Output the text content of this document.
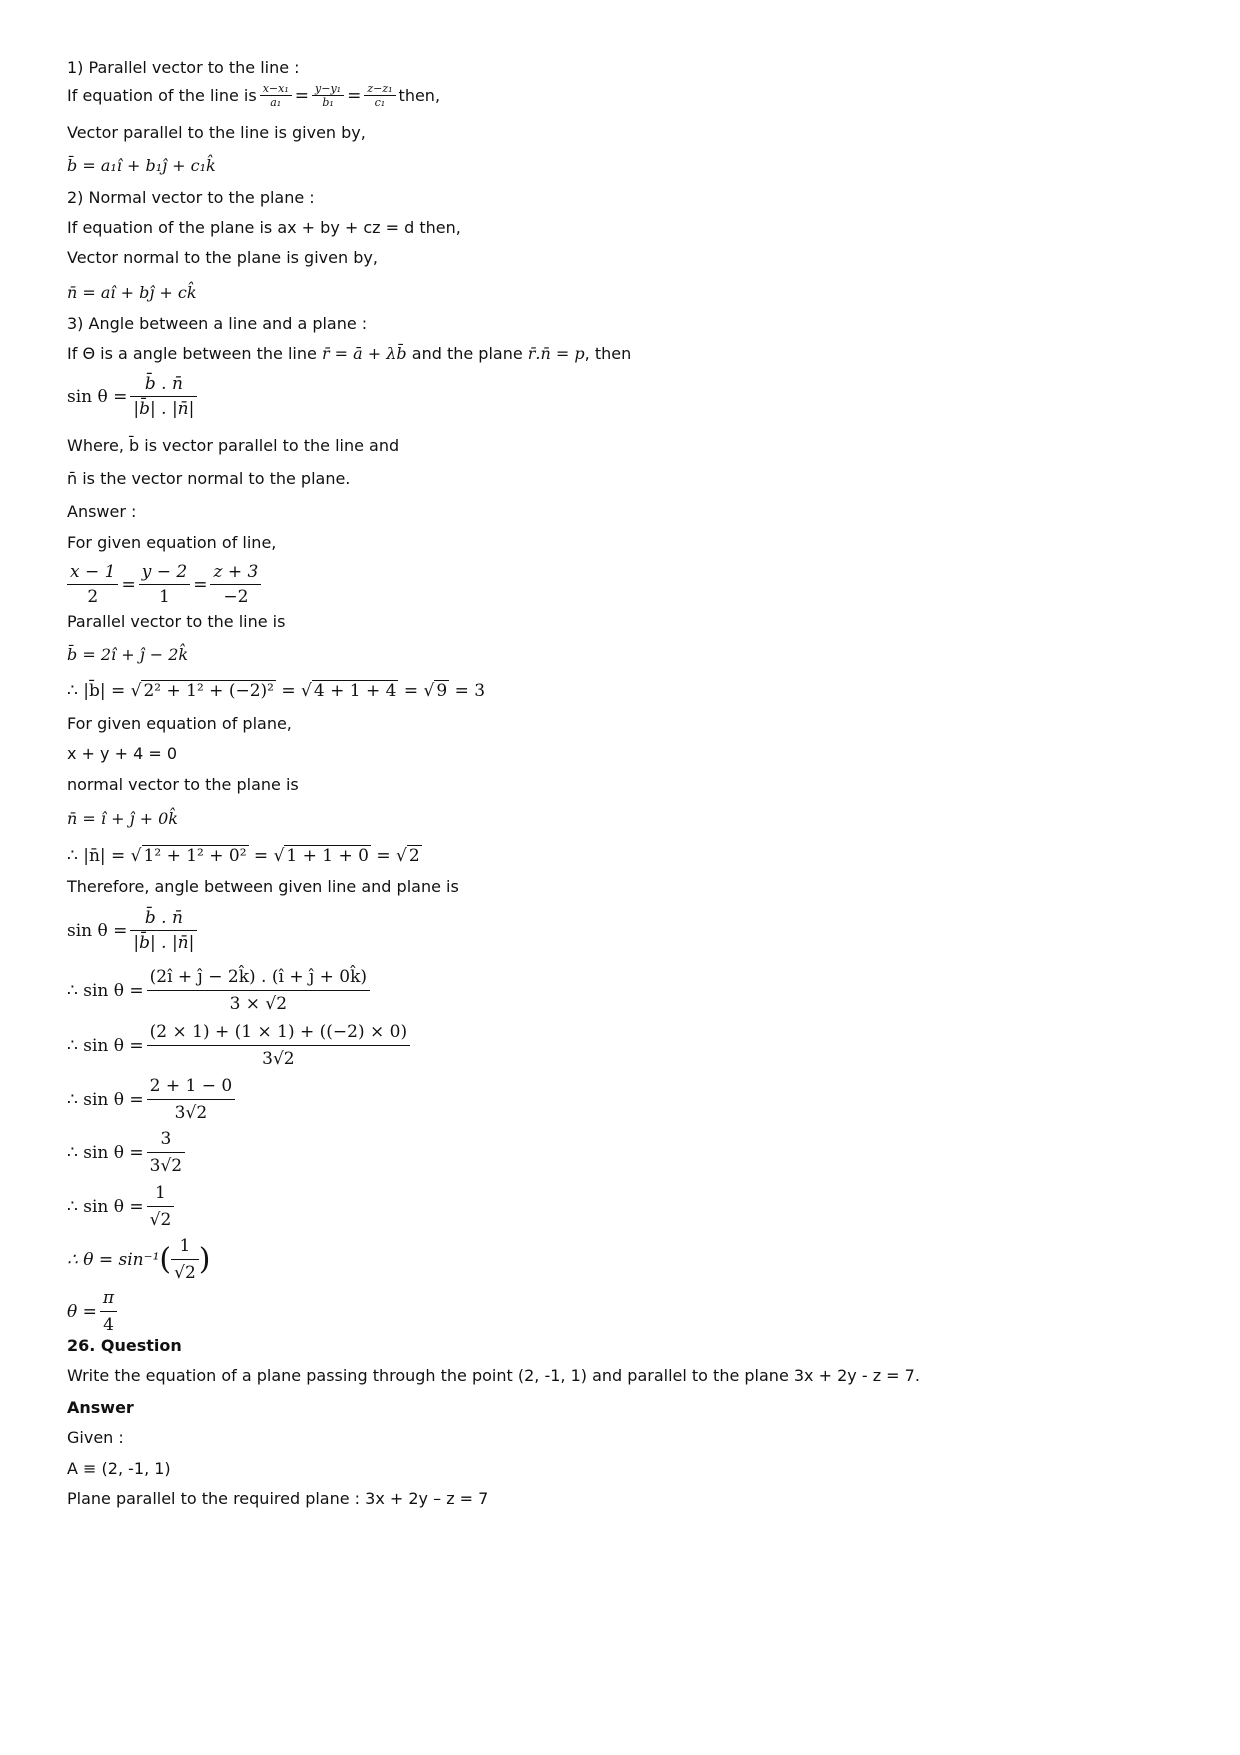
1) Parallel vector to the line :
If equation of the line is $\frac{\text{x−x₁}}{\text{a₁}} = \frac{\text{y−y₁}}{\text{b₁}} = \frac{\text{z−z₁}}{\text{c₁}}$ then,
Vector parallel to the line is given by,
b̄ = a₁î + b₁ĵ + c₁k̂
2) Normal vector to the plane :
If equation of the plane is ax + by + cz = d then,
Vector normal to the plane is given by,
n̄ = aî + bĵ + ck̂
3) Angle between a line and a plane :
If Θ is a angle between the line r̄ = ā + λb̄ and the plane r̄.n̄ = p, then
$\sin \theta = \frac{b̄ . n̄}{|b̄| . |n̄|}$
Where, b̄ is vector parallel to the line and
n̄ is the vector normal to the plane.
Answer :
For given equation of line,
$\frac{x - 1}{2} = \frac{y - 2}{1} = \frac{z + 3}{-2}$
Parallel vector to the line is
b̄ = 2î + ĵ − 2k̂
∴ |b̄| = √ 2² + 1² + (−2)² = √ 4 + 1 + 4 = √ 9 = 3
For given equation of plane,
x + y + 4 = 0
normal vector to the plane is
n̄ = î + ĵ + 0k̂
∴ |n̄| = √ 1² + 1² + 0² = √ 1 + 1 + 0 = √ 2
Therefore, angle between given line and plane is
$\sin \theta = \frac{b̄ . n̄}{|b̄| . |n̄|}$
∴ $\sin \theta = \frac{(2î + ĵ - 2k̂) . (î + ĵ + 0k̂)}{3 \times √2}$
∴ $\sin \theta = \frac{(2 \times 1) + (1 \times 1) + ((-2) \times 0)}{3√2}$
∴ $\sin \theta = \frac{2 + 1 - 0}{3√2}$
∴ $\sin \theta = \frac{3}{3√2}$
∴ $\sin \theta = \frac{1}{√2}$
∴ θ = sin⁻¹ ( $\frac{1}{√2}$ )
$\theta = \frac{\pi}{4}$
26. Question
Write the equation of a plane passing through the point (2, -1, 1) and parallel to the plane 3x + 2y - z = 7.
Answer
Given :
A ≡ (2, -1, 1)
Plane parallel to the required plane : 3x + 2y – z = 7
